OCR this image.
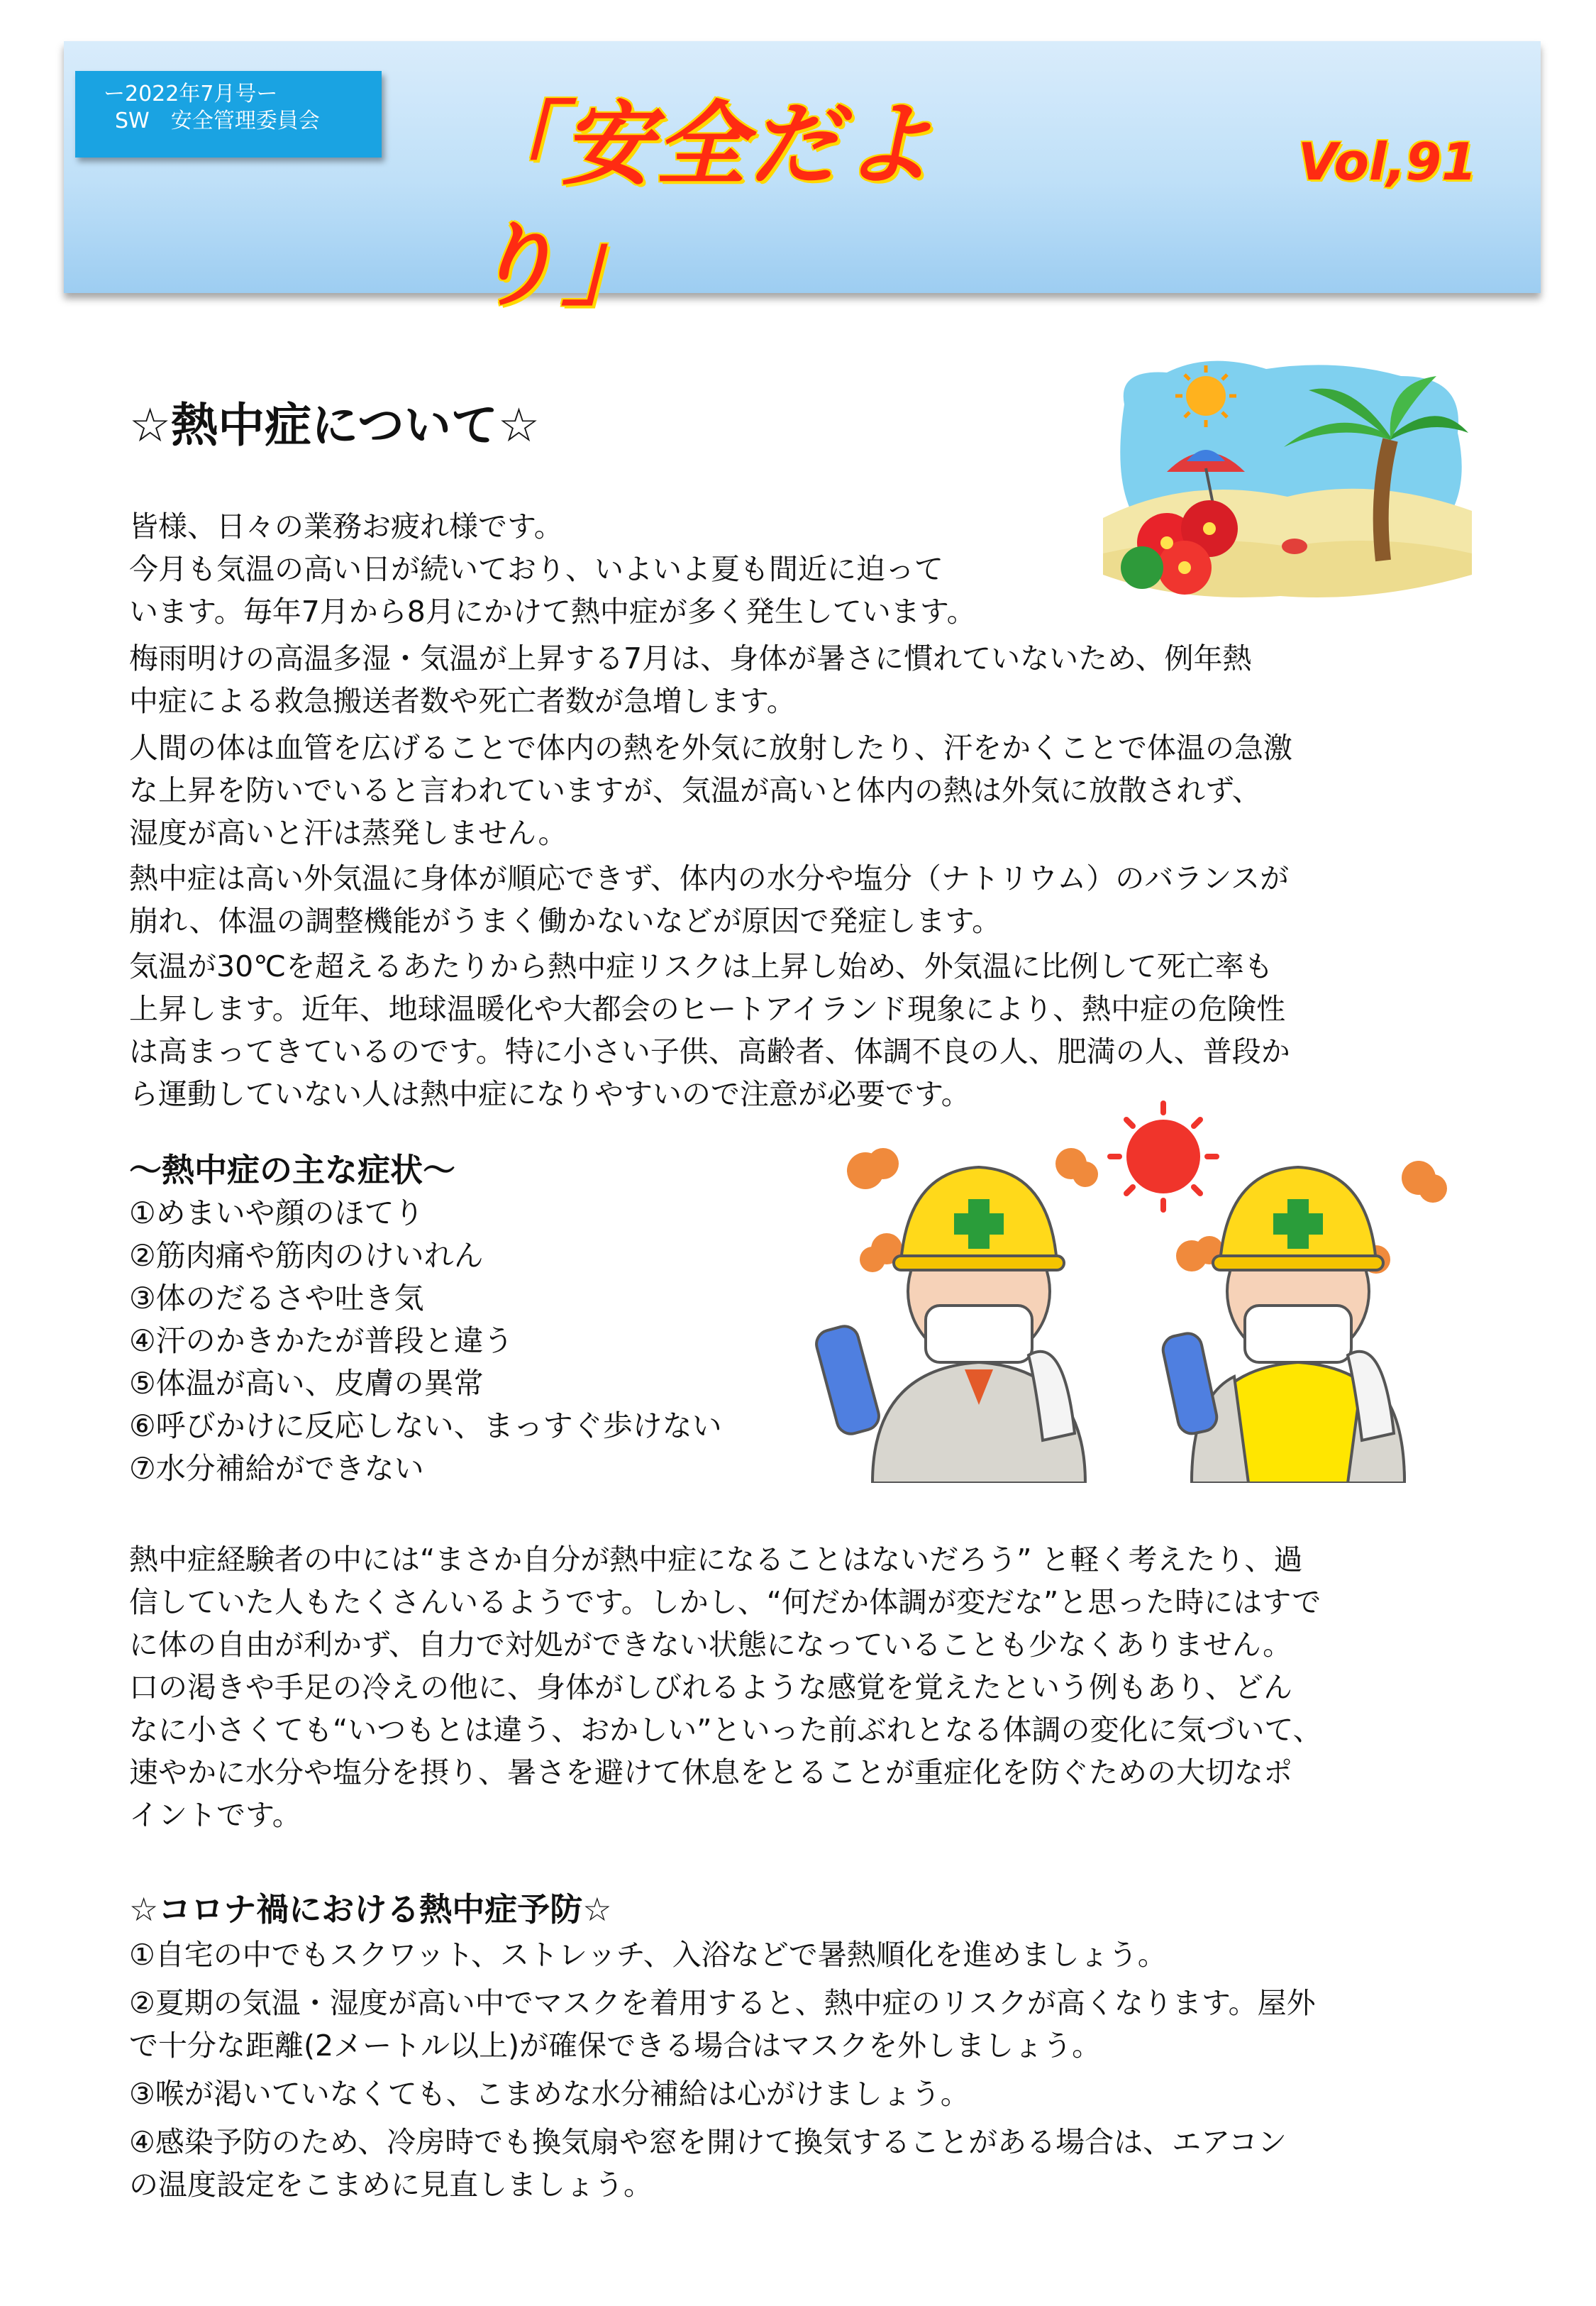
ー2022年7月号ー
SW　安全管理委員会	「安全だより」
Vol,91
☆熱中症について☆

皆様、日々の業務お疲れ様です。

今月も気温の高い日が続いており、いよいよ夏も間近に迫って

います。毎年7月から8月にかけて熱中症が多く発生しています。

梅雨明けの高温多湿・気温が上昇する7月は、身体が暑さに慣れていないため、例年熱

中症による救急搬送者数や死亡者数が急増します。

人間の体は血管を広げることで体内の熱を外気に放射したり、汗をかくことで体温の急激

な上昇を防いでいると言われていますが、気温が高いと体内の熱は外気に放散されず、

湿度が高いと汗は蒸発しません。

熱中症は高い外気温に身体が順応できず、体内の水分や塩分（ナトリウム）のバランスが

崩れ、体温の調整機能がうまく働かないなどが原因で発症します。

気温が30℃を超えるあたりから熱中症リスクは上昇し始め、外気温に比例して死亡率も

上昇します。近年、地球温暖化や大都会のヒートアイランド現象により、熱中症の危険性

は高まってきているのです。特に小さい子供、高齢者、体調不良の人、肥満の人、普段か

ら運動していない人は熱中症になりやすいので注意が必要です。

～熱中症の主な症状～
①めまいや顔のほてり
②筋肉痛や筋肉のけいれん
③体のだるさや吐き気
④汗のかきかたが普段と違う
⑤体温が高い、皮膚の異常
⑥呼びかけに反応しない、まっすぐ歩けない
⑦水分補給ができない

熱中症経験者の中には“まさか自分が熱中症になることはないだろう” と軽く考えたり、過

信していた人もたくさんいるようです。しかし、“何だか体調が変だな”と思った時にはすで

に体の自由が利かず、自力で対処ができない状態になっていることも少なくありません。

口の渇きや手足の冷えの他に、身体がしびれるような感覚を覚えたという例もあり、どん

なに小さくても“いつもとは違う、おかしい”といった前ぶれとなる体調の変化に気づいて、

速やかに水分や塩分を摂り、暑さを避けて休息をとることが重症化を防ぐための大切なポ

イントです。

☆コロナ禍における熱中症予防☆
①自宅の中でもスクワット、ストレッチ、入浴などで暑熱順化を進めましょう。
②夏期の気温・湿度が高い中でマスクを着用すると、熱中症のリスクが高くなります。屋外
で十分な距離(2メートル以上)が確保できる場合はマスクを外しましょう。
③喉が渇いていなくても、こまめな水分補給は心がけましょう。
④感染予防のため、冷房時でも換気扇や窓を開けて換気することがある場合は、エアコン
の温度設定をこまめに見直しましょう。
